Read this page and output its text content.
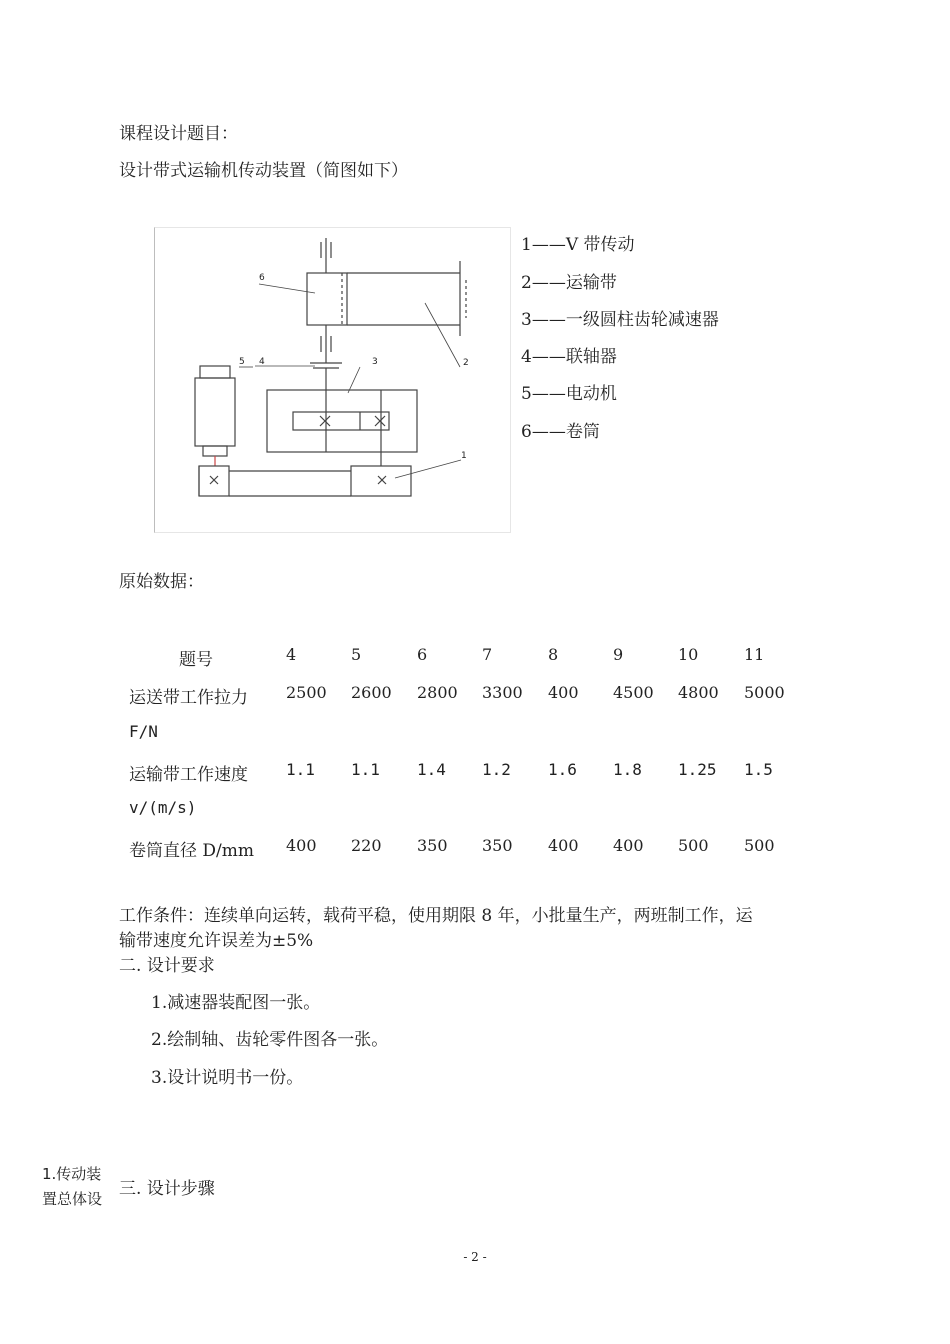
课程设计题目：
设计带式运输机传动装置（简图如下）
6
5 4	3	2
1
1——V 带传动
2——运输带
3——一级圆柱齿轮减速器
4——联轴器
5——电动机
6——卷筒
原始数据：
题号	4	5	6	7	8	9	10	11
运送带工作拉力 2500 2600 2800 3300 400 4500 4800 5000
F/N
运输带工作速度 1.1 1.1 1.4 1.2 1.6 1.8 1.25 1.5
v/(m/s)
卷筒直径 D/mm 400 220 350 350 400 400 500 500
工作条件：连续单向运转，载荷平稳，使用期限 8 年，小批量生产，两班制工作，运
输带速度允许误差为±5%
二. 设计要求
1.减速器装配图一张。
2.绘制轴、齿轮零件图各一张。
3.设计说明书一份。
1.传动装
置总体设 三. 设计步骤
- 2 -
